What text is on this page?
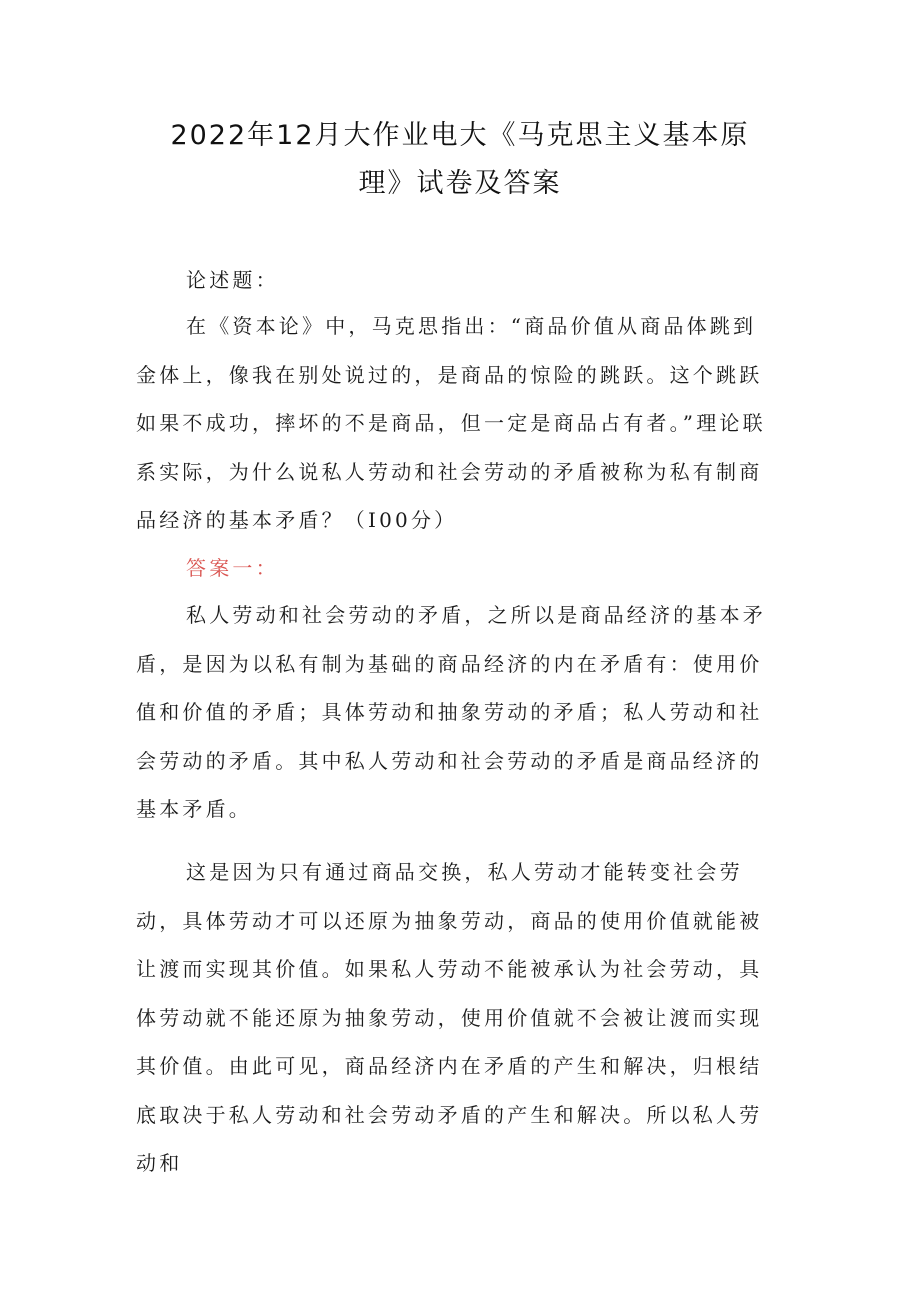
2022年12月大作业电大《马克思主义基本原
理》试卷及答案

论述题：

在《资本论》中，马克思指出：“商品价值从商品体跳到金体上，像我在别处说过的，是商品的惊险的跳跃。这个跳跃如果不成功，摔坏的不是商品，但一定是商品占有者。”理论联系实际，为什么说私人劳动和社会劳动的矛盾被称为私有制商品经济的基本矛盾？（I00分）

答案一：

私人劳动和社会劳动的矛盾，之所以是商品经济的基本矛盾，是因为以私有制为基础的商品经济的内在矛盾有：使用价值和价值的矛盾；具体劳动和抽象劳动的矛盾；私人劳动和社会劳动的矛盾。其中私人劳动和社会劳动的矛盾是商品经济的基本矛盾。

这是因为只有通过商品交换，私人劳动才能转变社会劳动，具体劳动才可以还原为抽象劳动，商品的使用价值就能被让渡而实现其价值。如果私人劳动不能被承认为社会劳动，具体劳动就不能还原为抽象劳动，使用价值就不会被让渡而实现其价值。由此可见，商品经济内在矛盾的产生和解决，归根结底取决于私人劳动和社会劳动矛盾的产生和解决。所以私人劳动和
